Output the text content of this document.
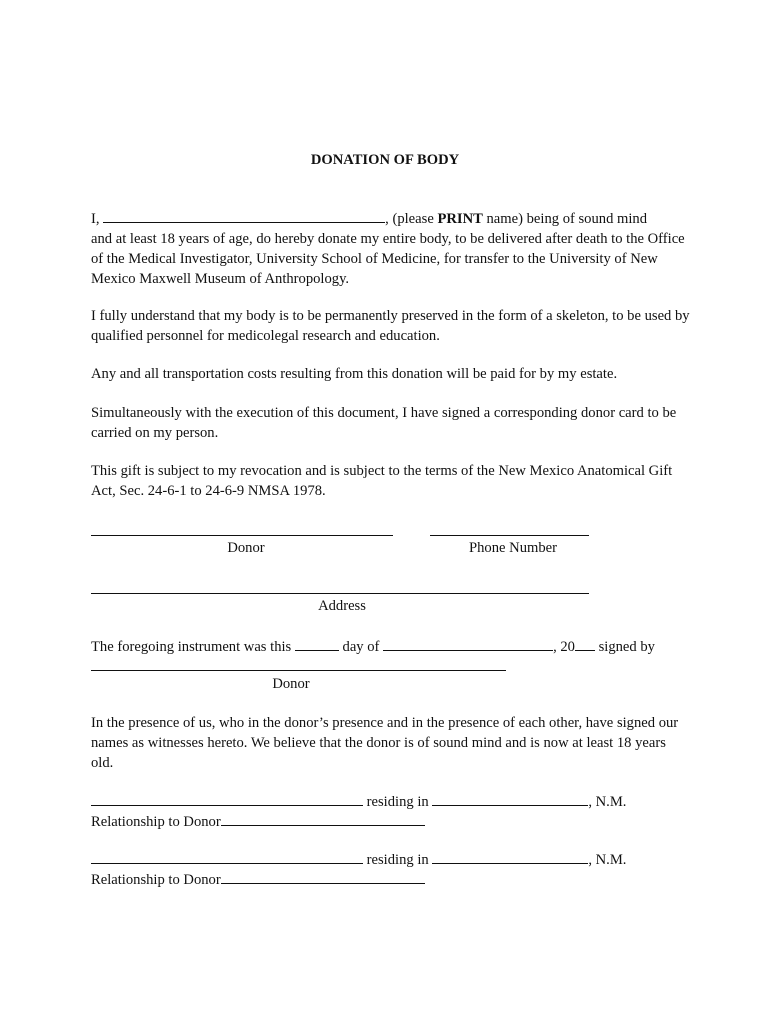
DONATION OF BODY

I,	, (please PRINT name) being of sound mind
and at least 18 years of age, do hereby donate my entire body, to be delivered after death to the Office of the Medical Investigator, University School of Medicine, for transfer to the University of New Mexico Maxwell Museum of Anthropology.

I fully understand that my body is to be permanently preserved in the form of a skeleton, to be used by qualified personnel for medicolegal research and education.

Any and all transportation costs resulting from this donation will be paid for by my estate.

Simultaneously with the execution of this document, I have signed a corresponding donor card to be carried on my person.

This gift is subject to my revocation and is subject to the terms of the New Mexico Anatomical Gift Act, Sec. 24-6-1 to 24-6-9 NMSA 1978.

Donor	Phone Number
Address
The foregoing instrument was this	day of	, 20 signed by
Donor

In the presence of us, who in the donor’s presence and in the presence of each other, have signed our names as witnesses hereto. We believe that the donor is of sound mind and is now at least 18 years old.

residing in	, N.M.
Relationship to Donor
residing in	, N.M.
Relationship to Donor
